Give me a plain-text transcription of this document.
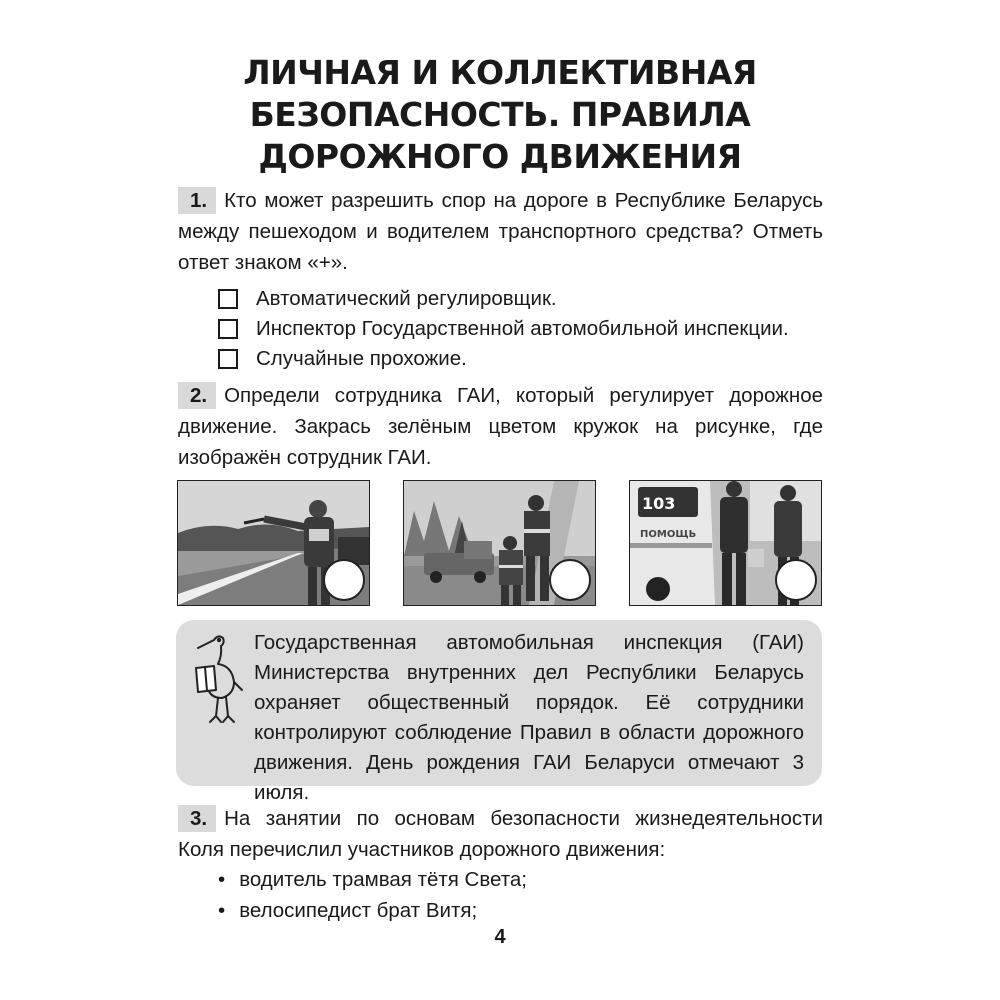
ЛИЧНАЯ И КОЛЛЕКТИВНАЯ
БЕЗОПАСНОСТЬ. ПРАВИЛА
ДОРОЖНОГО ДВИЖЕНИЯ
1. Кто может разрешить спор на дороге в Республике Беларусь между пешеходом и водителем транспортного средства? Отметь ответ знаком «+».
Автоматический регулировщик.
Инспектор Государственной автомобильной инспекции.
Случайные прохожие.
2. Определи сотрудника ГАИ, который регулирует дорожное движение. Закрась зелёным цветом кружок на рисунке, где изображён сотрудник ГАИ.
103
ПОМОЩЬ
Государственная автомобильная инспекция (ГАИ) Министерства внутренних дел Республики Беларусь охраняет общественный порядок. Её сотрудники контролируют соблюдение Правил в области дорожного движения. День рождения ГАИ Беларуси отмечают 3 июля.
3. На занятии по основам безопасности жизнедеятельности Коля перечислил участников дорожного движения:
• водитель трамвая тётя Света;
• велосипедист брат Витя;
4
